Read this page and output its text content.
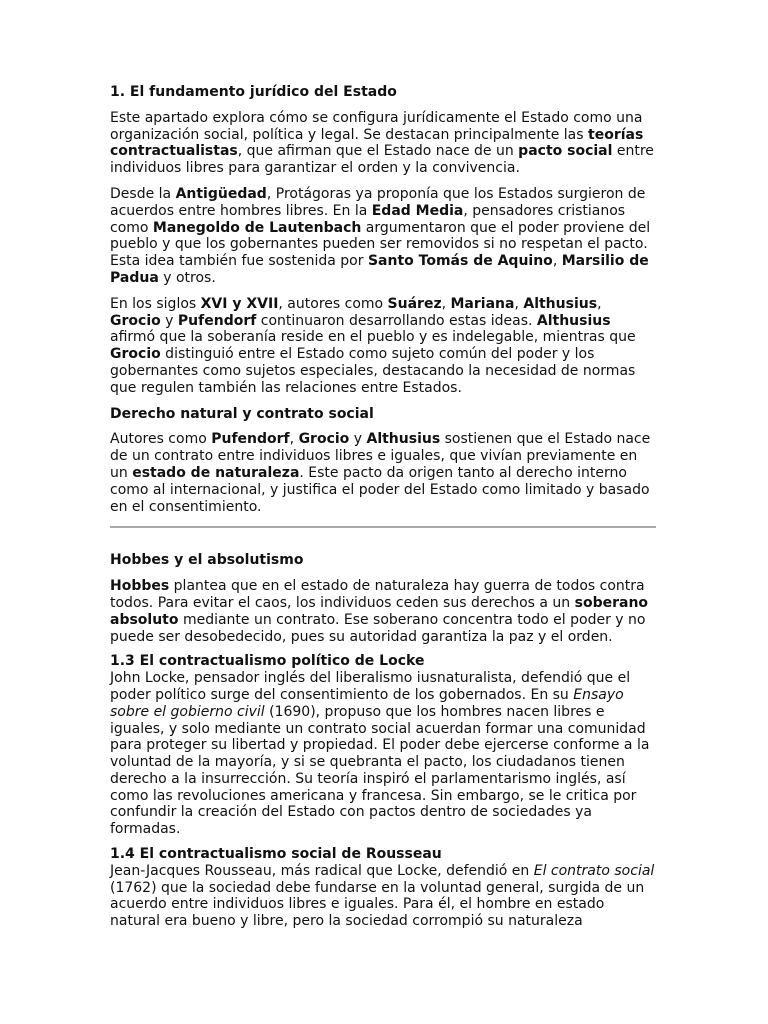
1. El fundamento jurídico del Estado

Este apartado explora cómo se configura jurídicamente el Estado como una organización social, política y legal. Se destacan principalmente las teorías contractualistas, que afirman que el Estado nace de un pacto social entre individuos libres para garantizar el orden y la convivencia.

Desde la Antigüedad, Protágoras ya proponía que los Estados surgieron de acuerdos entre hombres libres. En la Edad Media, pensadores cristianos como Manegoldo de Lautenbach argumentaron que el poder proviene del pueblo y que los gobernantes pueden ser removidos si no respetan el pacto. Esta idea también fue sostenida por Santo Tomás de Aquino, Marsilio de Padua y otros.

En los siglos XVI y XVII, autores como Suárez, Mariana, Althusius, Grocio y Pufendorf continuaron desarrollando estas ideas. Althusius afirmó que la soberanía reside en el pueblo y es indelegable, mientras que Grocio distinguió entre el Estado como sujeto común del poder y los gobernantes como sujetos especiales, destacando la necesidad de normas que regulen también las relaciones entre Estados.

Derecho natural y contrato social

Autores como Pufendorf, Grocio y Althusius sostienen que el Estado nace de un contrato entre individuos libres e iguales, que vivían previamente en un estado de naturaleza. Este pacto da origen tanto al derecho interno como al internacional, y justifica el poder del Estado como limitado y basado en el consentimiento.

Hobbes y el absolutismo

Hobbes plantea que en el estado de naturaleza hay guerra de todos contra todos. Para evitar el caos, los individuos ceden sus derechos a un soberano absoluto mediante un contrato. Ese soberano concentra todo el poder y no puede ser desobedecido, pues su autoridad garantiza la paz y el orden.

1.3 El contractualismo político de Locke

John Locke, pensador inglés del liberalismo iusnaturalista, defendió que el poder político surge del consentimiento de los gobernados. En su Ensayo sobre el gobierno civil (1690), propuso que los hombres nacen libres e iguales, y solo mediante un contrato social acuerdan formar una comunidad para proteger su libertad y propiedad. El poder debe ejercerse conforme a la voluntad de la mayoría, y si se quebranta el pacto, los ciudadanos tienen derecho a la insurrección. Su teoría inspiró el parlamentarismo inglés, así como las revoluciones americana y francesa. Sin embargo, se le critica por confundir la creación del Estado con pactos dentro de sociedades ya formadas.

1.4 El contractualismo social de Rousseau

Jean-Jacques Rousseau, más radical que Locke, defendió en El contrato social (1762) que la sociedad debe fundarse en la voluntad general, surgida de un acuerdo entre individuos libres e iguales. Para él, el hombre en estado natural era bueno y libre, pero la sociedad corrompió su naturaleza
